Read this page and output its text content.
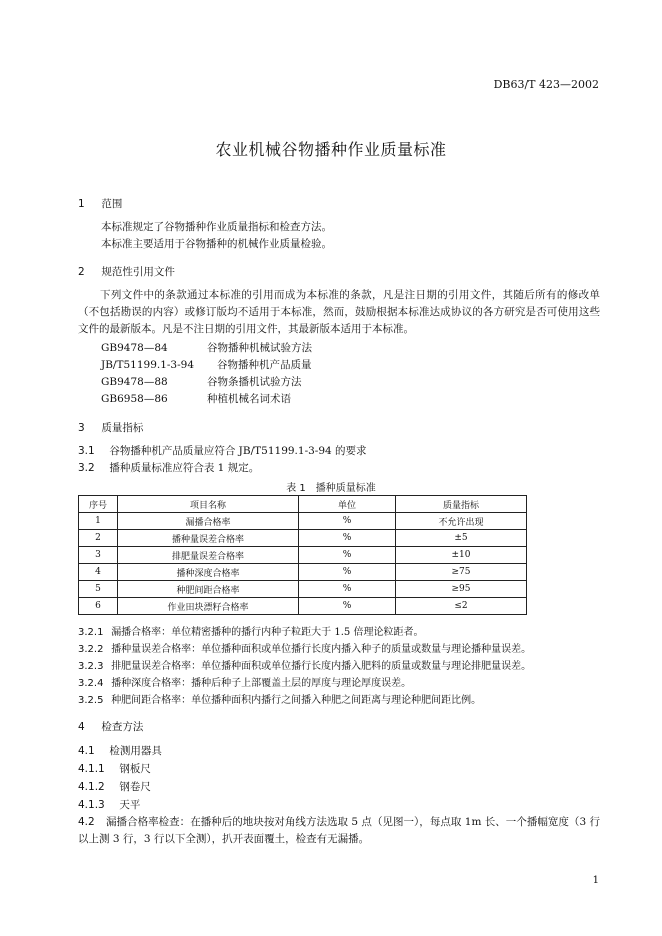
DB63/T 423—2002
农业机械谷物播种作业质量标准
1 范围
本标准规定了谷物播种作业质量指标和检查方法。
本标准主要适用于谷物播种的机械作业质量检验。
2 规范性引用文件
下列文件中的条款通过本标准的引用而成为本标准的条款，凡是注日期的引用文件，其随后所有的修改单（不包括勘误的内容）或修订版均不适用于本标准，然而，鼓励根据本标准达成协议的各方研究是否可使用这些文件的最新版本。凡是不注日期的引用文件，其最新版本适用于本标准。
GB9478—84	谷物播种机械试验方法
JB/T51199.1-3-94 谷物播种机产品质量
GB9478—88	谷物条播机试验方法
GB6958—86	种植机械名词术语
3 质量指标
3.1 谷物播种机产品质量应符合 JB/T51199.1-3-94 的要求
3.2 播种质量标准应符合表 1 规定。
表 1　播种质量标准
序号	项目名称	单位	质量指标
1	漏播合格率	%	不允许出现
2	播种量误差合格率	%	±5
3	排肥量误差合格率	%	±10
4	播种深度合格率	%	≥75
5	种肥间距合格率	%	≥95
6	作业田块漂籽合格率	%	≤2
3.2.1 漏播合格率：单位精密播种的播行内种子粒距大于 1.5 倍理论粒距者。
3.2.2 播种量误差合格率：单位播种面积或单位播行长度内播入种子的质量或数量与理论播种量误差。
3.2.3 排肥量误差合格率：单位播种面积或单位播行长度内播入肥料的质量或数量与理论排肥量误差。
3.2.4 播种深度合格率：播种后种子上部覆盖土层的厚度与理论厚度误差。
3.2.5 种肥间距合格率：单位播种面积内播行之间播入种肥之间距离与理论种肥间距比例。
4 检查方法
4.1 检测用器具
4.1.1 钢板尺
4.1.2 钢卷尺
4.1.3 天平
4.2 漏播合格率检查：在播种后的地块按对角线方法选取 5 点（见图一），每点取 1m 长、一个播幅宽度（3 行以上测 3 行，3 行以下全测），扒开表面覆土，检查有无漏播。
1
